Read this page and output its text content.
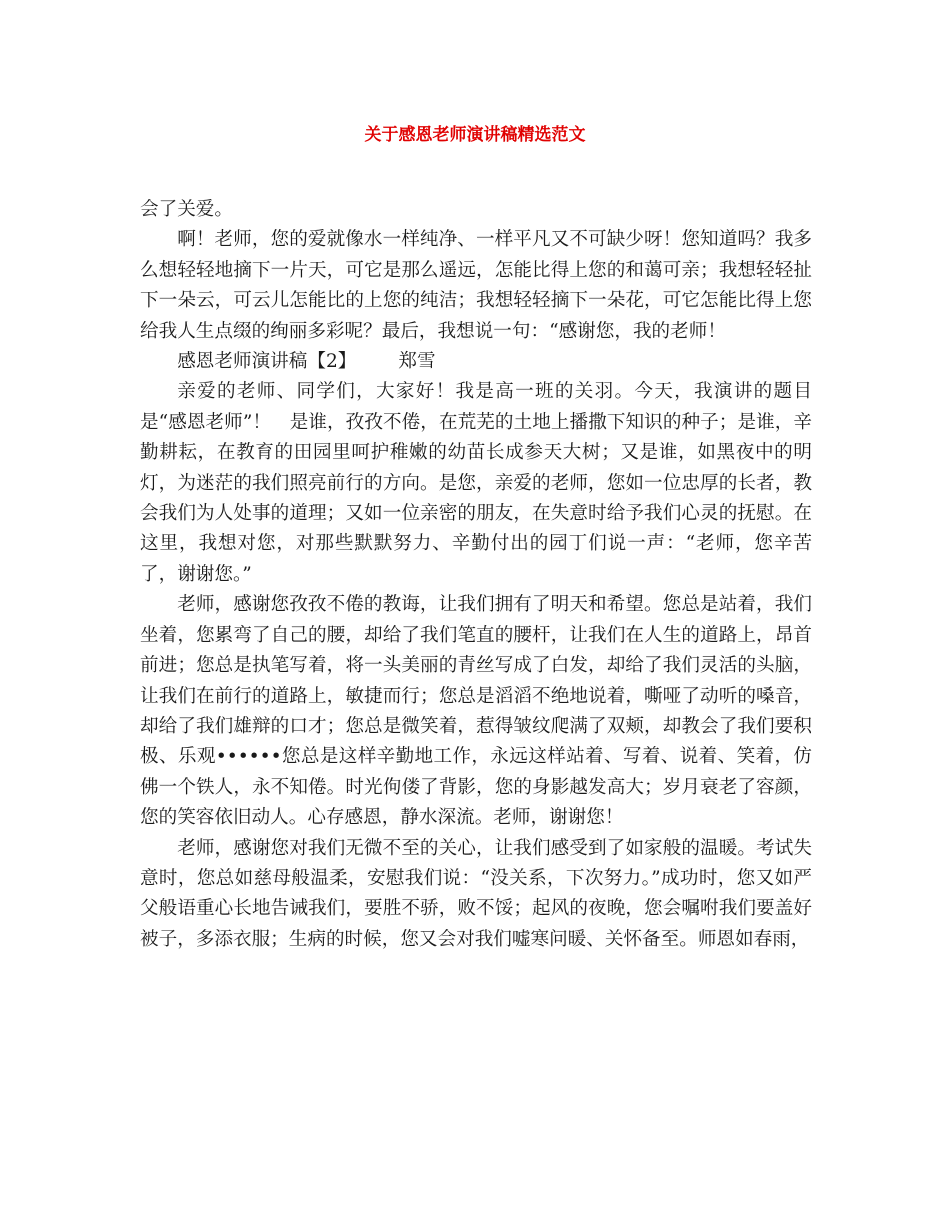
关于感恩老师演讲稿精选范文

会了关爱。

啊！老师，您的爱就像水一样纯净、一样平凡又不可缺少呀！您知道吗？我多么想轻轻地摘下一片天，可它是那么遥远，怎能比得上您的和蔼可亲；我想轻轻扯下一朵云，可云儿怎能比的上您的纯洁；我想轻轻摘下一朵花，可它怎能比得上您给我人生点缀的绚丽多彩呢？最后，我想说一句：“感谢您，我的老师！

感恩老师演讲稿【2】 郑雪

亲爱的老师、同学们，大家好！我是高一班的关羽。今天，我演讲的题目是“感恩老师”！　是谁，孜孜不倦，在荒芜的土地上播撒下知识的种子；是谁，辛勤耕耘，在教育的田园里呵护稚嫩的幼苗长成参天大树；又是谁，如黑夜中的明灯，为迷茫的我们照亮前行的方向。是您，亲爱的老师，您如一位忠厚的长者，教会我们为人处事的道理；又如一位亲密的朋友，在失意时给予我们心灵的抚慰。在这里，我想对您，对那些默默努力、辛勤付出的园丁们说一声：“老师，您辛苦了，谢谢您。”

老师，感谢您孜孜不倦的教诲，让我们拥有了明天和希望。您总是站着，我们坐着，您累弯了自己的腰，却给了我们笔直的腰杆，让我们在人生的道路上，昂首前进；您总是执笔写着，将一头美丽的青丝写成了白发，却给了我们灵活的头脑，让我们在前行的道路上，敏捷而行；您总是滔滔不绝地说着，嘶哑了动听的嗓音，却给了我们雄辩的口才；您总是微笑着，惹得皱纹爬满了双颊，却教会了我们要积极、乐观••••••您总是这样辛勤地工作，永远这样站着、写着、说着、笑着，仿佛一个铁人，永不知倦。时光佝偻了背影，您的身影越发高大；岁月衰老了容颜，您的笑容依旧动人。心存感恩，静水深流。老师，谢谢您！

老师，感谢您对我们无微不至的关心，让我们感受到了如家般的温暖。考试失意时，您总如慈母般温柔，安慰我们说：“没关系，下次努力。”成功时，您又如严父般语重心长地告诫我们，要胜不骄，败不馁；起风的夜晚，您会嘱咐我们要盖好被子，多添衣服；生病的时候，您又会对我们嘘寒问暖、关怀备至。师恩如春雨，
